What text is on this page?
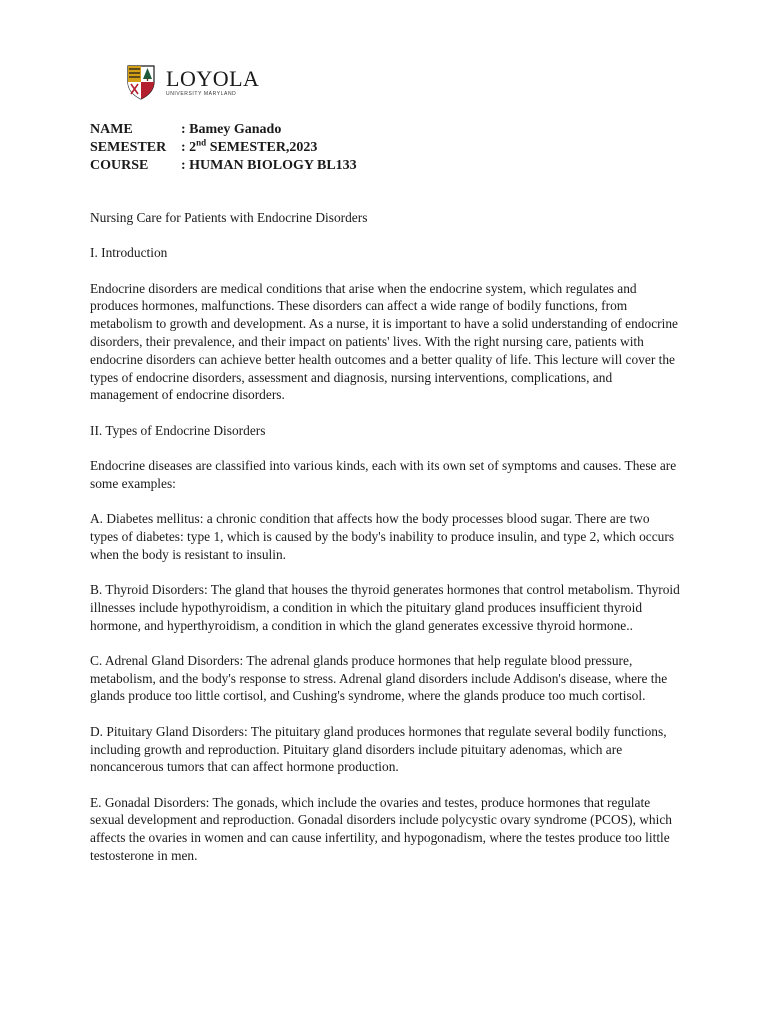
LOYOLA
UNIVERSITY MARYLAND
NAME	: Bamey Ganado
SEMESTER	: 2nd SEMESTER,2023
COURSE	: HUMAN BIOLOGY BL133

Nursing Care for Patients with Endocrine Disorders

I. Introduction

Endocrine disorders are medical conditions that arise when the endocrine system, which regulates and produces hormones, malfunctions. These disorders can affect a wide range of bodily functions, from metabolism to growth and development. As a nurse, it is important to have a solid understanding of endocrine disorders, their prevalence, and their impact on patients' lives. With the right nursing care, patients with endocrine disorders can achieve better health outcomes and a better quality of life. This lecture will cover the types of endocrine disorders, assessment and diagnosis, nursing interventions, complications, and management of endocrine disorders.

II. Types of Endocrine Disorders

Endocrine diseases are classified into various kinds, each with its own set of symptoms and causes. These are some examples:

A. Diabetes mellitus: a chronic condition that affects how the body processes blood sugar. There are two types of diabetes: type 1, which is caused by the body's inability to produce insulin, and type 2, which occurs when the body is resistant to insulin.

B. Thyroid Disorders: The gland that houses the thyroid generates hormones that control metabolism. Thyroid illnesses include hypothyroidism, a condition in which the pituitary gland produces insufficient thyroid hormone, and hyperthyroidism, a condition in which the gland generates excessive thyroid hormone..

C. Adrenal Gland Disorders: The adrenal glands produce hormones that help regulate blood pressure, metabolism, and the body's response to stress. Adrenal gland disorders include Addison's disease, where the glands produce too little cortisol, and Cushing's syndrome, where the glands produce too much cortisol.

D. Pituitary Gland Disorders: The pituitary gland produces hormones that regulate several bodily functions, including growth and reproduction. Pituitary gland disorders include pituitary adenomas, which are noncancerous tumors that can affect hormone production.

E. Gonadal Disorders: The gonads, which include the ovaries and testes, produce hormones that regulate sexual development and reproduction. Gonadal disorders include polycystic ovary syndrome (PCOS), which affects the ovaries in women and can cause infertility, and hypogonadism, where the testes produce too little testosterone in men.
